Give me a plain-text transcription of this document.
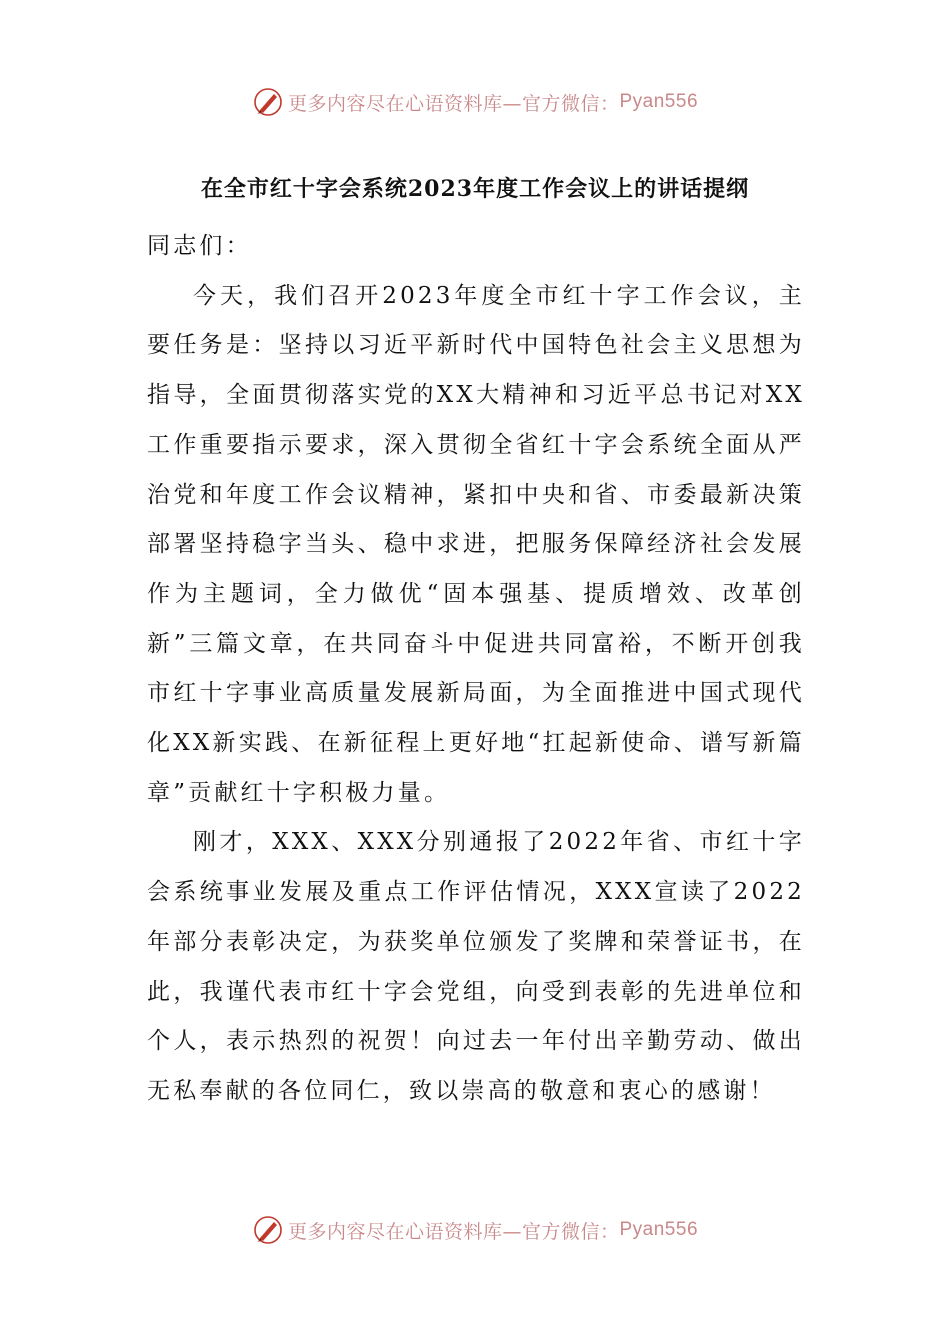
更多内容尽在心语资料库—官方微信： Pyan556
在全市红十字会系统2023年度工作会议上的讲话提纲

同志们：

今天，我们召开2023年度全市红十字工作会议，主要任务是：坚持以习近平新时代中国特色社会主义思想为指导，全面贯彻落实党的XX大精神和习近平总书记对XX工作重要指示要求，深入贯彻全省红十字会系统全面从严治党和年度工作会议精神，紧扣中央和省、市委最新决策部署坚持稳字当头、稳中求进，把服务保障经济社会发展作为主题词，全力做优“固本强基、提质增效、改革创新”三篇文章，在共同奋斗中促进共同富裕，不断开创我市红十字事业高质量发展新局面，为全面推进中国式现代化XX新实践、在新征程上更好地“扛起新使命、谱写新篇章”贡献红十字积极力量。

刚才，XXX、XXX分别通报了2022年省、市红十字会系统事业发展及重点工作评估情况，XXX宣读了2022年部分表彰决定，为获奖单位颁发了奖牌和荣誉证书，在此，我谨代表市红十字会党组，向受到表彰的先进单位和个人，表示热烈的祝贺！向过去一年付出辛勤劳动、做出无私奉献的各位同仁，致以崇高的敬意和衷心的感谢！

更多内容尽在心语资料库—官方微信： Pyan556
